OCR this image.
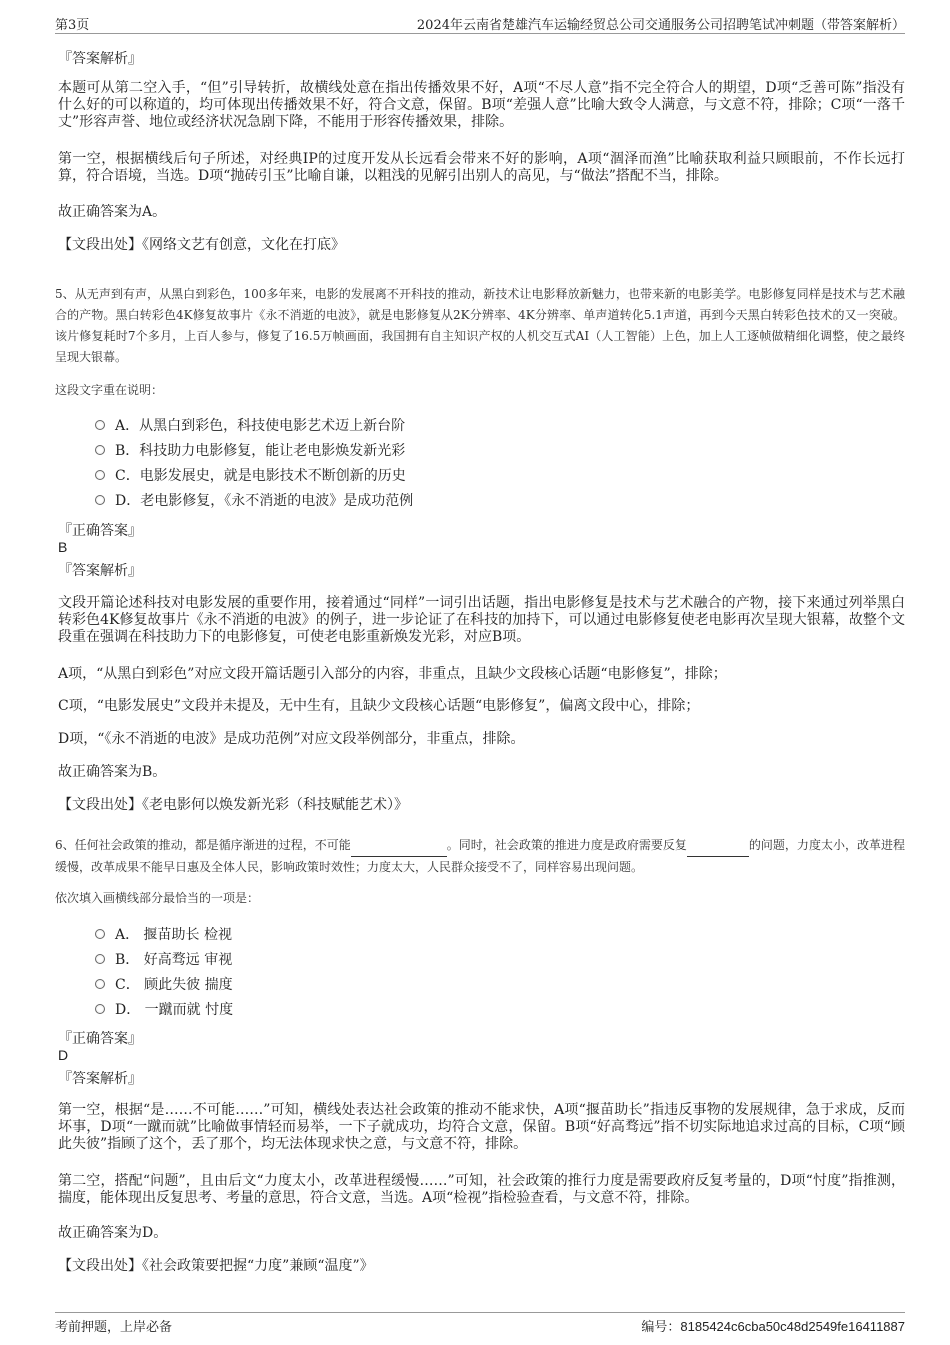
第3页	2024年云南省楚雄汽车运输经贸总公司交通服务公司招聘笔试冲刺题（带答案解析）
『答案解析』
本题可从第二空入手，“但”引导转折，故横线处意在指出传播效果不好，A项“不尽人意”指不完全符合人的期望，D项“乏善可陈”指没有什么好的可以称道的，均可体现出传播效果不好，符合文意，保留。B项“差强人意”比喻大致令人满意，与文意不符，排除；C项“一落千丈”形容声誉、地位或经济状况急剧下降，不能用于形容传播效果，排除。
第一空，根据横线后句子所述，对经典IP的过度开发从长远看会带来不好的影响，A项“涸泽而渔”比喻获取利益只顾眼前，不作长远打算，符合语境，当选。D项“抛砖引玉”比喻自谦，以粗浅的见解引出别人的高见，与“做法”搭配不当，排除。
故正确答案为A。
【文段出处】《网络文艺有创意，文化在打底》
5、从无声到有声，从黑白到彩色，100多年来，电影的发展离不开科技的推动，新技术让电影释放新魅力，也带来新的电影美学。电影修复同样是技术与艺术融合的产物。黑白转彩色4K修复故事片《永不消逝的电波》，就是电影修复从2K分辨率、4K分辨率、单声道转化5.1声道，再到今天黑白转彩色技术的又一突破。该片修复耗时7个多月，上百人参与，修复了16.5万帧画面，我国拥有自主知识产权的人机交互式AI（人工智能）上色，加上人工逐帧做精细化调整，使之最终呈现大银幕。
这段文字重在说明：
A．从黑白到彩色，科技使电影艺术迈上新台阶
B．科技助力电影修复，能让老电影焕发新光彩
C．电影发展史，就是电影技术不断创新的历史
D．老电影修复，《永不消逝的电波》是成功范例
『正确答案』
B
『答案解析』
文段开篇论述科技对电影发展的重要作用，接着通过“同样”一词引出话题，指出电影修复是技术与艺术融合的产物，接下来通过列举黑白转彩色4K修复故事片《永不消逝的电波》的例子，进一步论证了在科技的加持下，可以通过电影修复使老电影再次呈现大银幕，故整个文段重在强调在科技助力下的电影修复，可使老电影重新焕发光彩，对应B项。
A项，“从黑白到彩色”对应文段开篇话题引入部分的内容，非重点，且缺少文段核心话题“电影修复”，排除；
C项，“电影发展史”文段并未提及，无中生有，且缺少文段核心话题“电影修复”，偏离文段中心，排除；
D项，“《永不消逝的电波》是成功范例”对应文段举例部分，非重点，排除。
故正确答案为B。
【文段出处】《老电影何以焕发新光彩（科技赋能艺术）》
6、任何社会政策的推动，都是循序渐进的过程，不可能	。同时，社会政策的推进力度是政府需要反复	的问题，力度太小，改革进程缓慢，改革成果不能早日惠及全体人民，影响政策时效性；力度太大，人民群众接受不了，同样容易出现问题。
依次填入画横线部分最恰当的一项是：
A． 揠苗助长 检视
B． 好高骛远 审视
C． 顾此失彼 揣度
D． 一蹴而就 忖度
『正确答案』
D
『答案解析』
第一空，根据“是……不可能……”可知，横线处表达社会政策的推动不能求快，A项“揠苗助长”指违反事物的发展规律，急于求成，反而坏事，D项“一蹴而就”比喻做事情轻而易举，一下子就成功，均符合文意，保留。B项“好高骛远”指不切实际地追求过高的目标，C项“顾此失彼”指顾了这个，丢了那个，均无法体现求快之意，与文意不符，排除。
第二空，搭配“问题”，且由后文“力度太小，改革进程缓慢……”可知，社会政策的推行力度是需要政府反复考量的，D项“忖度”指推测，揣度，能体现出反复思考、考量的意思，符合文意，当选。A项“检视”指检验查看，与文意不符，排除。
故正确答案为D。
【文段出处】《社会政策要把握“力度”兼顾“温度”》
考前押题，上岸必备	编号：8185424c6cba50c48d2549fe16411887
